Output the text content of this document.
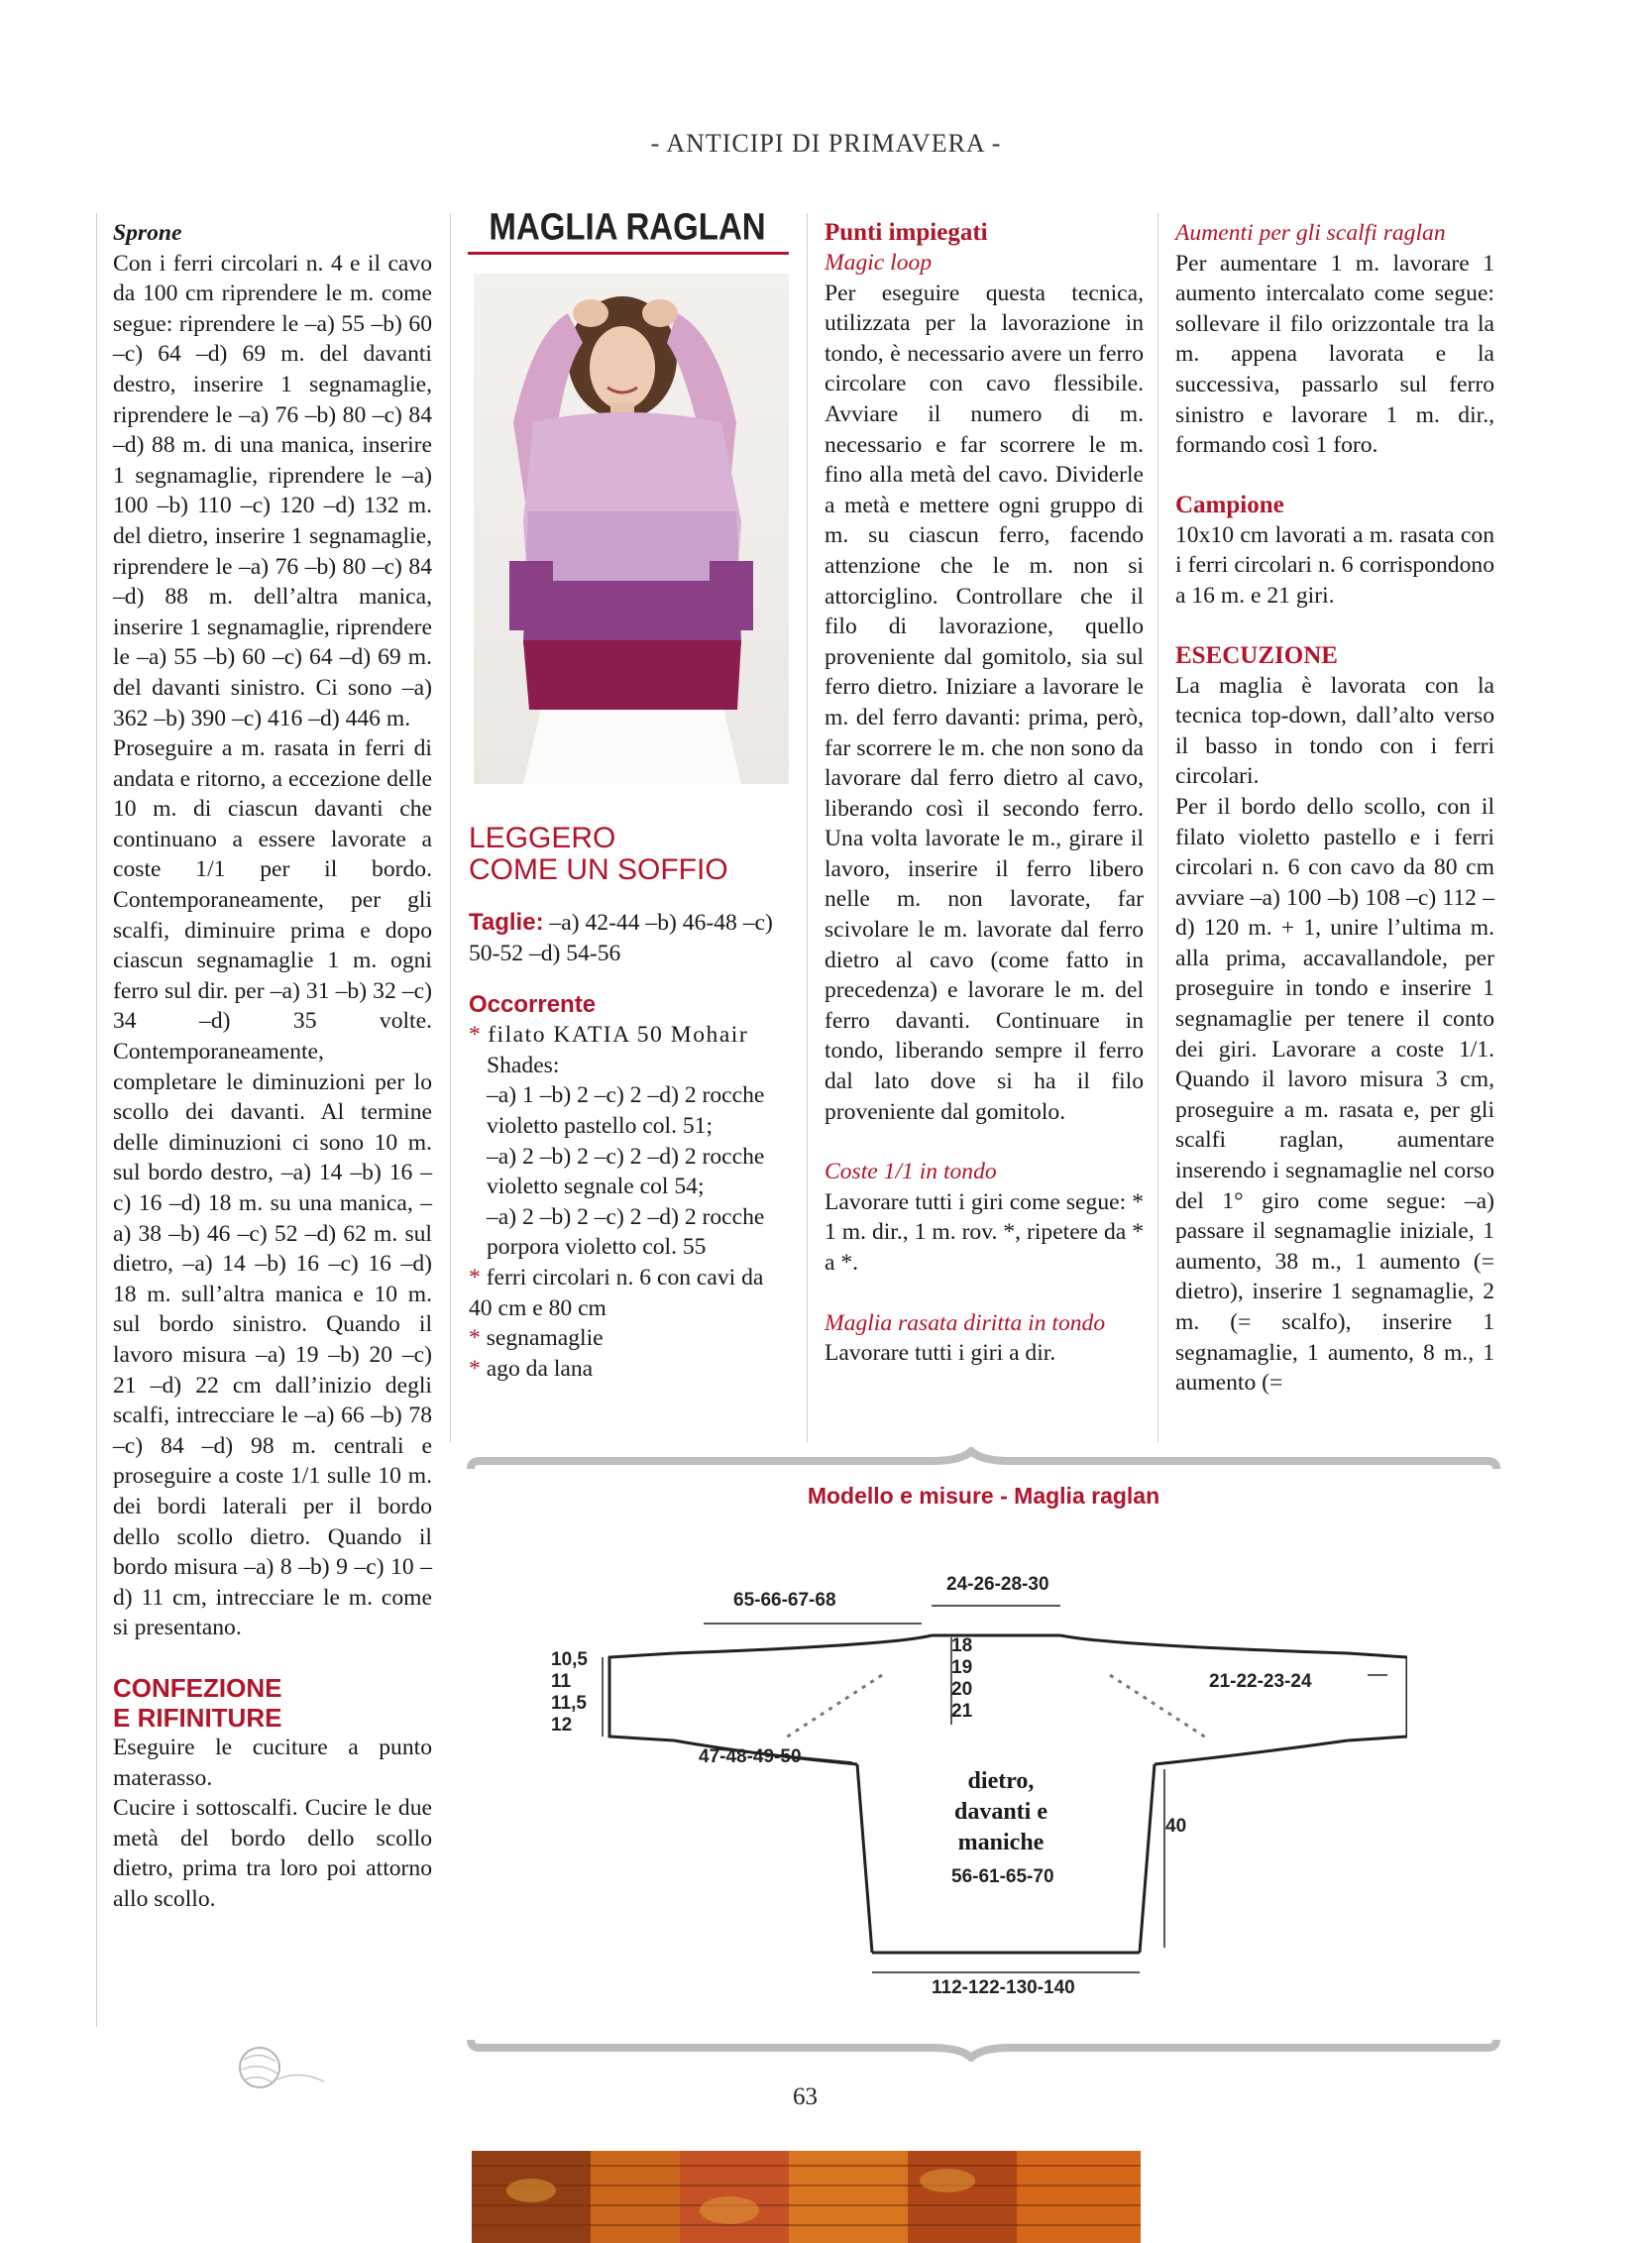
- ANTICIPI DI PRIMAVERA -

Sprone

Con i ferri circolari n. 4 e il cavo da 100 cm riprendere le m. come segue: riprendere le –a) 55 –b) 60 –c) 64 –d) 69 m. del davanti destro, inserire 1 segnamaglie, riprendere le –a) 76 –b) 80 –c) 84 –d) 88 m. di una manica, inserire 1 segnamaglie, riprendere le –a) 100 –b) 110 –c) 120 –d) 132 m. del dietro, inserire 1 segnamaglie, riprendere le –a) 76 –b) 80 –c) 84 –d) 88 m. dell’altra manica, inserire 1 segnamaglie, riprendere le –a) 55 –b) 60 –c) 64 –d) 69 m. del davanti sinistro. Ci sono –a) 362 –b) 390 –c) 416 –d) 446 m.

Proseguire a m. rasata in ferri di andata e ritorno, a eccezione delle 10 m. di ciascun davanti che continuano a essere lavorate a coste 1/1 per il bordo. Contemporaneamente, per gli scalfi, diminuire prima e dopo ciascun segnamaglie 1 m. ogni ferro sul dir. per –a) 31 –b) 32 –c) 34 –d) 35 volte. Contemporaneamente, completare le diminuzioni per lo scollo dei davanti. Al termine delle diminuzioni ci sono 10 m. sul bordo destro, –a) 14 –b) 16 –c) 16 –d) 18 m. su una manica, –a) 38 –b) 46 –c) 52 –d) 62 m. sul dietro, –a) 14 –b) 16 –c) 16 –d) 18 m. sull’altra manica e 10 m. sul bordo sinistro. Quando il lavoro misura –a) 19 –b) 20 –c) 21 –d) 22 cm dall’inizio degli scalfi, intrecciare le –a) 66 –b) 78 –c) 84 –d) 98 m. centrali e proseguire a coste 1/1 sulle 10 m. dei bordi laterali per il bordo dello scollo dietro. Quando il bordo misura –a) 8 –b) 9 –c) 10 –d) 11 cm, intrecciare le m. come si presentano.

CONFEZIONE

E RIFINITURE

Eseguire le cuciture a punto materasso.

Cucire i sottoscalfi. Cucire le due metà del bordo dello scollo dietro, prima tra loro poi attorno allo scollo.

MAGLIA RAGLAN

LEGGERO

COME UN SOFFIO

Taglie: –a) 42-44 –b) 46-48 –c) 50-52 –d) 54-56

Occorrente

* filato KATIA 50 Mohair

Shades:

–a) 1 –b) 2 –c) 2 –d) 2 rocche violetto pastello col. 51;

–a) 2 –b) 2 –c) 2 –d) 2 rocche violetto segnale col 54;

–a) 2 –b) 2 –c) 2 –d) 2 rocche porpora violetto col. 55

* ferri circolari n. 6 con cavi da 40 cm e 80 cm

* segnamaglie

* ago da lana

Punti impiegati

Magic loop

Per eseguire questa tecnica, utilizzata per la lavorazione in tondo, è necessario avere un ferro circolare con cavo flessibile. Avviare il numero di m. necessario e far scorrere le m. fino alla metà del cavo. Dividerle a metà e mettere ogni gruppo di m. su ciascun ferro, facendo attenzione che le m. non si attorciglino. Controllare che il filo di lavorazione, quello proveniente dal gomitolo, sia sul ferro dietro. Iniziare a lavorare le m. del ferro davanti: prima, però, far scorrere le m. che non sono da lavorare dal ferro dietro al cavo, liberando così il secondo ferro. Una volta lavorate le m., girare il lavoro, inserire il ferro libero nelle m. non lavorate, far scivolare le m. lavorate dal ferro dietro al cavo (come fatto in precedenza) e lavorare le m. del ferro davanti. Continuare in tondo, liberando sempre il ferro dal lato dove si ha il filo proveniente dal gomitolo.

Coste 1/1 in tondo

Lavorare tutti i giri come segue: * 1 m. dir., 1 m. rov. *, ripetere da * a *.

Maglia rasata diritta in tondo

Lavorare tutti i giri a dir.

Aumenti per gli scalfi raglan

Per aumentare 1 m. lavorare 1 aumento intercalato come segue: sollevare il filo orizzontale tra la m. appena lavorata e la successiva, passarlo sul ferro sinistro e lavorare 1 m. dir., formando così 1 foro.

Campione

10x10 cm lavorati a m. rasata con i ferri circolari n. 6 corrispondono a 16 m. e 21 giri.

ESECUZIONE

La maglia è lavorata con la tecnica top-down, dall’alto verso il basso in tondo con i ferri circolari.

Per il bordo dello scollo, con il filato violetto pastello e i ferri circolari n. 6 con cavo da 80 cm avviare –a) 100 –b) 108 –c) 112 –d) 120 m. + 1, unire l’ultima m. alla prima, accavallandole, per proseguire in tondo e inserire 1 segnamaglie per tenere il conto dei giri. Lavorare a coste 1/1. Quando il lavoro misura 3 cm, proseguire a m. rasata e, per gli scalfi raglan, aumentare inserendo i segnamaglie nel corso del 1° giro come segue: –a) passare il segnamaglie iniziale, 1 aumento, 38 m., 1 aumento (= dietro), inserire 1 segnamaglie, 2 m. (= scalfo), inserire 1 segnamaglie, 1 aumento, 8 m., 1 aumento (=

Modello e misure - Maglia raglan
24-26-28-30
65-66-67-68
18
19
20
21
10,5
11
11,5
12
21-22-23-24
47-48-49-50
dietro,
davanti e
maniche
56-61-65-70
40
112-122-130-140
63
